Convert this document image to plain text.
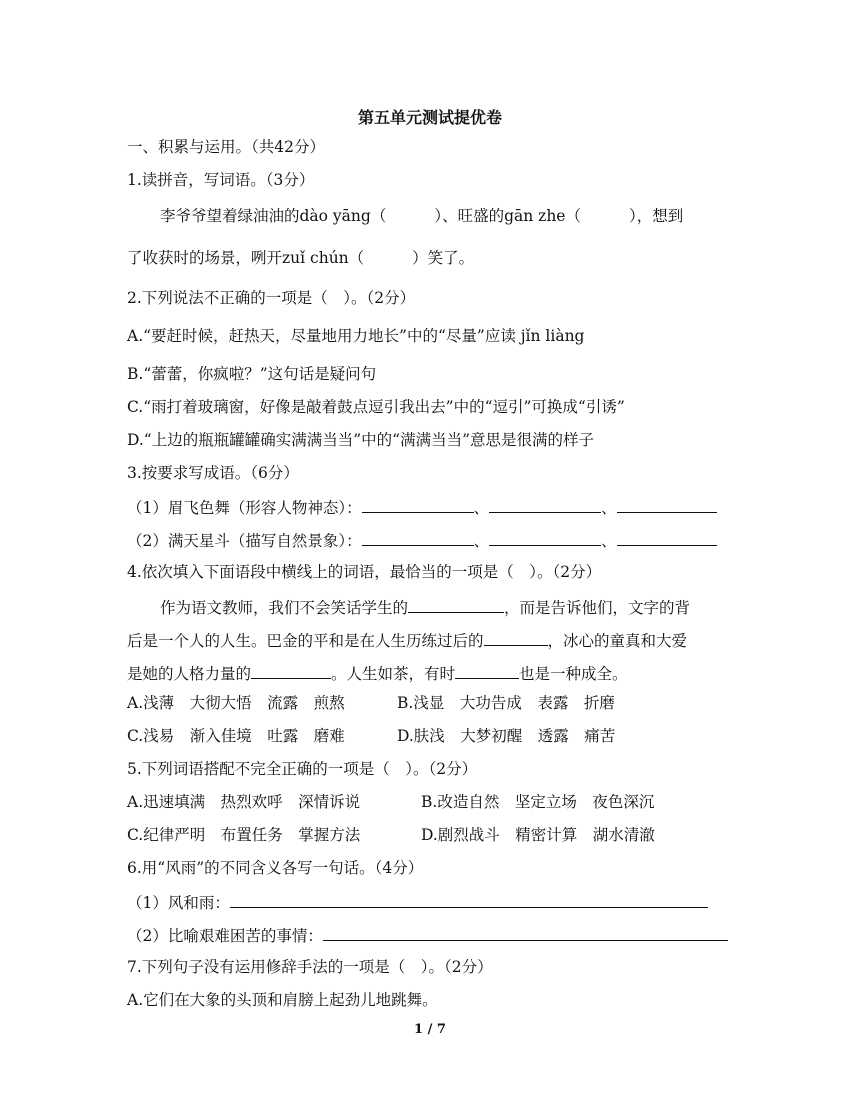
第五单元测试提优卷
一、积累与运用。（共42分）
1.读拼音，写词语。（3分）
李爷爷望着绿油油的dào yāng（	）、旺盛的gān zhe（	），想到
了收获时的场景，咧开zuǐ chún（	）笑了。
2.下列说法不正确的一项是（　）。（2分）
A.“要赶时候，赶热天，尽量地用力地长”中的“尽量”应读 jǐn liàng
B.“蕾蕾，你疯啦？”这句话是疑问句
C.“雨打着玻璃窗，好像是敲着鼓点逗引我出去”中的“逗引”可换成“引诱”
D.“上边的瓶瓶罐罐确实满满当当”中的“满满当当”意思是很满的样子
3.按要求写成语。（6分）
（1）眉飞色舞（形容人物神态）：	、	、
（2）满天星斗（描写自然景象）：	、	、
4.依次填入下面语段中横线上的词语，最恰当的一项是（　）。（2分）
作为语文教师，我们不会笑话学生的	，而是告诉他们，文字的背
后是一个人的人生。巴金的平和是在人生历练过后的	，冰心的童真和大爱
是她的人格力量的	。人生如茶，有时	也是一种成全。
A.浅薄　大彻大悟　流露　煎熬	B.浅显　大功告成　表露　折磨
C.浅易　渐入佳境　吐露　磨难	D.肤浅　大梦初醒　透露　痛苦
5.下列词语搭配不完全正确的一项是（　）。（2分）
A.迅速填满　热烈欢呼　深情诉说	B.改造自然　坚定立场　夜色深沉
C.纪律严明　布置任务　掌握方法	D.剧烈战斗　精密计算　湖水清澈
6.用“风雨”的不同含义各写一句话。（4分）
（1）风和雨：
（2）比喻艰难困苦的事情：
7.下列句子没有运用修辞手法的一项是（　）。（2分）
A.它们在大象的头顶和肩膀上起劲儿地跳舞。
1 / 7
